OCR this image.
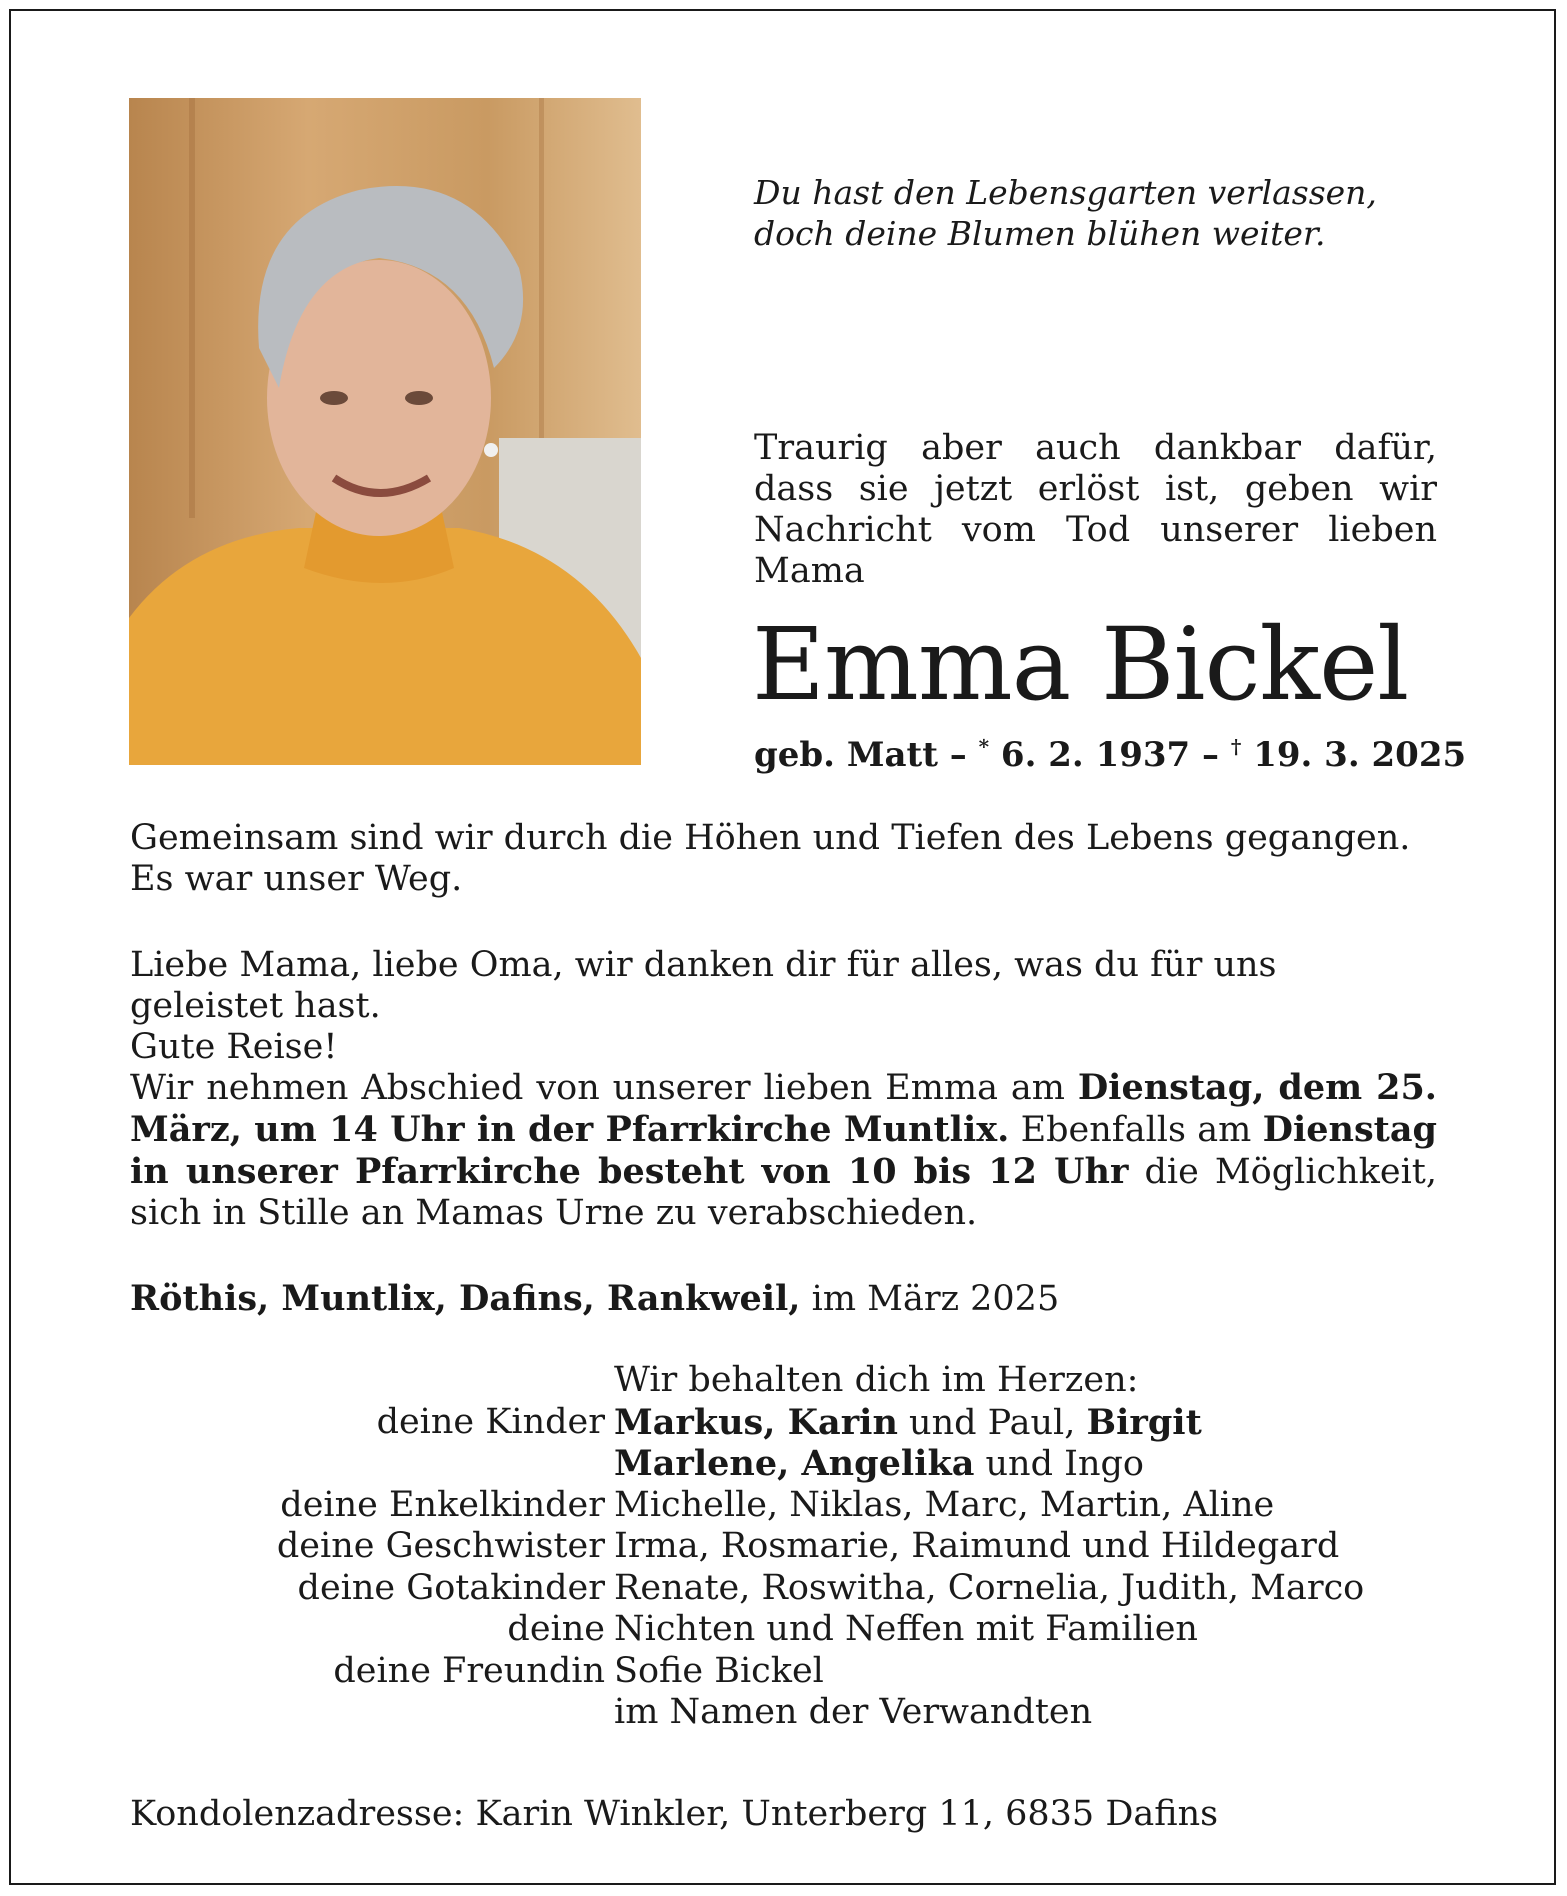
Du hast den Lebensgarten verlassen,
doch deine Blumen blühen weiter.
Traurig aber auch dankbar dafür, dass sie jetzt erlöst ist, geben wir Nachricht vom Tod unserer lieben Mama
Emma Bickel
geb. Matt – * 6. 2. 1937 – † 19. 3. 2025
Gemeinsam sind wir durch die Höhen und Tiefen des Lebens gegangen.
Es war unser Weg.
Liebe Mama, liebe Oma, wir danken dir für alles, was du für uns geleistet hast.
Gute Reise!
Wir nehmen Abschied von unserer lieben Emma am Dienstag, dem 25. März, um 14 Uhr in der Pfarrkirche Muntlix. Ebenfalls am Dienstag in unserer Pfarrkirche besteht von 10 bis 12 Uhr die Möglichkeit, sich in Stille an Mamas Urne zu verabschieden.
Röthis, Muntlix, Dafins, Rankweil, im März 2025
Wir behalten dich im Herzen:
deine Kinder Markus, Karin und Paul, Birgit
Marlene, Angelika und Ingo
deine Enkelkinder Michelle, Niklas, Marc, Martin, Aline
deine Geschwister Irma, Rosmarie, Raimund und Hildegard
deine Gotakinder Renate, Roswitha, Cornelia, Judith, Marco
deine Nichten und Neffen mit Familien
deine Freundin Sofie Bickel
im Namen der Verwandten
Kondolenzadresse: Karin Winkler, Unterberg 11, 6835 Dafins
